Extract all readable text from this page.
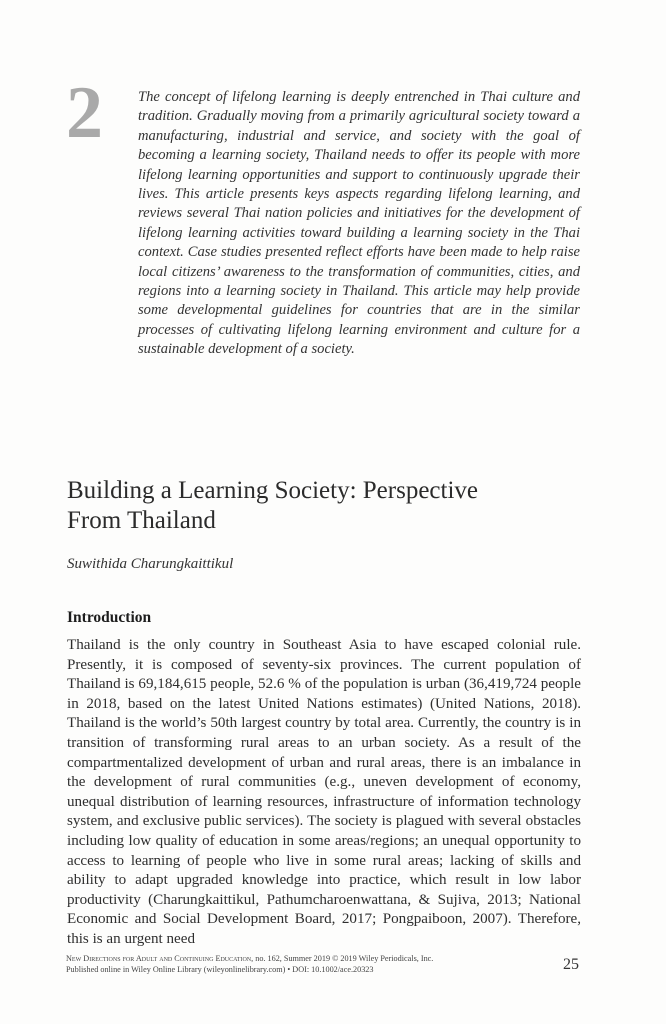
2 The concept of lifelong learning is deeply entrenched in Thai culture and tradition. Gradually moving from a primarily agricultural society toward a manufacturing, industrial and service, and society with the goal of becoming a learning society, Thailand needs to offer its people with more lifelong learning opportunities and support to continuously upgrade their lives. This article presents keys aspects regarding lifelong learning, and reviews several Thai nation policies and initiatives for the development of lifelong learning activities toward building a learning society in the Thai context. Case studies presented reflect efforts have been made to help raise local citizens’ awareness to the transformation of communities, cities, and regions into a learning society in Thailand. This article may help provide some developmental guidelines for countries that are in the similar processes of cultivating lifelong learning environment and culture for a sustainable development of a society.
Building a Learning Society: Perspective
From Thailand
Suwithida Charungkaittikul
Introduction
Thailand is the only country in Southeast Asia to have escaped colonial rule. Presently, it is composed of seventy-six provinces. The current population of Thailand is 69,184,615 people, 52.6 % of the population is urban (36,419,724 people in 2018, based on the latest United Nations estimates) (United Nations, 2018). Thailand is the world’s 50th largest country by total area. Currently, the country is in transition of transforming rural areas to an urban society. As a result of the compartmentalized development of urban and rural areas, there is an imbalance in the development of rural communities (e.g., uneven development of economy, unequal distribution of learning resources, infrastructure of information technology system, and exclusive public services). The society is plagued with several obstacles including low quality of education in some areas/regions; an unequal opportunity to access to learning of people who live in some rural areas; lacking of skills and ability to adapt upgraded knowledge into practice, which result in low labor productivity (Charungkaittikul, Pathumcharoenwattana, & Sujiva, 2013; National Economic and Social Development Board, 2017; Pongpaiboon, 2007). Therefore, this is an urgent need
New Directions for Adult and Continuing Education, no. 162, Summer 2019 © 2019 Wiley Periodicals, Inc.
Published online in Wiley Online Library (wileyonlinelibrary.com) • DOI: 10.1002/ace.20323	25
